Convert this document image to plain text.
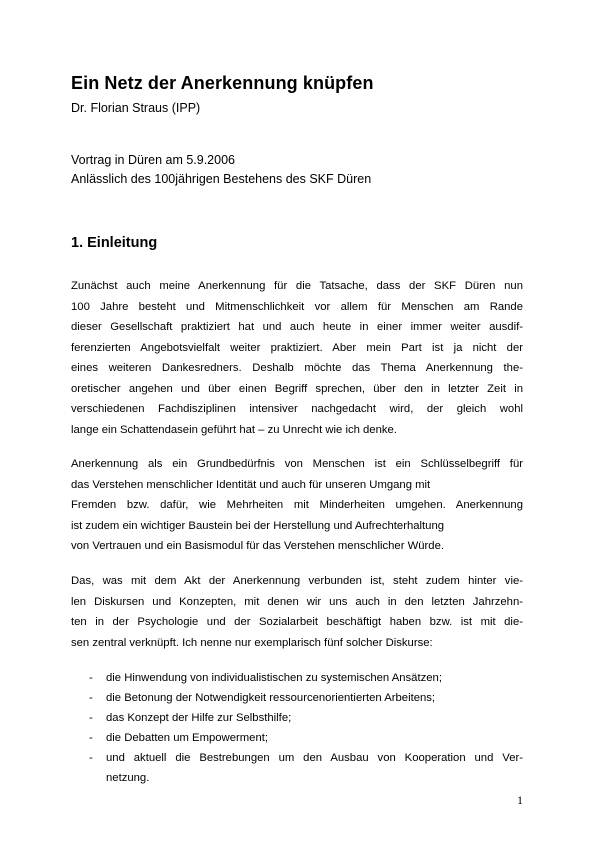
Ein Netz der Anerkennung knüpfen

Dr. Florian Straus (IPP)

Vortrag in Düren am 5.9.2006
Anlässlich des 100jährigen Bestehens des SKF Düren
1. Einleitung

Zunächst auch meine Anerkennung für die Tatsache, dass der SKF Düren nun
100 Jahre besteht und Mitmenschlichkeit vor allem für Menschen am Rande
dieser Gesellschaft praktiziert hat und auch heute in einer immer weiter ausdif-
ferenzierten Angebotsvielfalt weiter praktiziert. Aber mein Part ist ja nicht der
eines weiteren Dankesredners. Deshalb möchte das Thema Anerkennung the-
oretischer angehen und über einen Begriff sprechen, über den in letzter Zeit in
verschiedenen Fachdisziplinen intensiver nachgedacht wird, der gleich wohl
lange ein Schattendasein geführt hat – zu Unrecht wie ich denke.

Anerkennung als ein Grundbedürfnis von Menschen ist ein Schlüsselbegriff für
das Verstehen menschlicher Identität und auch für unseren Umgang mit
Fremden bzw. dafür, wie Mehrheiten mit Minderheiten umgehen. Anerkennung
ist zudem ein wichtiger Baustein bei der Herstellung und Aufrechterhaltung
von Vertrauen und ein Basismodul für das Verstehen menschlicher Würde.

Das, was mit dem Akt der Anerkennung verbunden ist, steht zudem hinter vie-
len Diskursen und Konzepten, mit denen wir uns auch in den letzten Jahrzehn-
ten in der Psychologie und der Sozialarbeit beschäftigt haben bzw. ist mit die-
sen zentral verknüpft. Ich nenne nur exemplarisch fünf solcher Diskurse:

- die Hinwendung von individualistischen zu systemischen Ansätzen;
- die Betonung der Notwendigkeit ressourcenorientierten Arbeitens;
- das Konzept der Hilfe zur Selbsthilfe;
- die Debatten um Empowerment;
- und aktuell die Bestrebungen um den Ausbau von Kooperation und Ver-
netzung.
1
